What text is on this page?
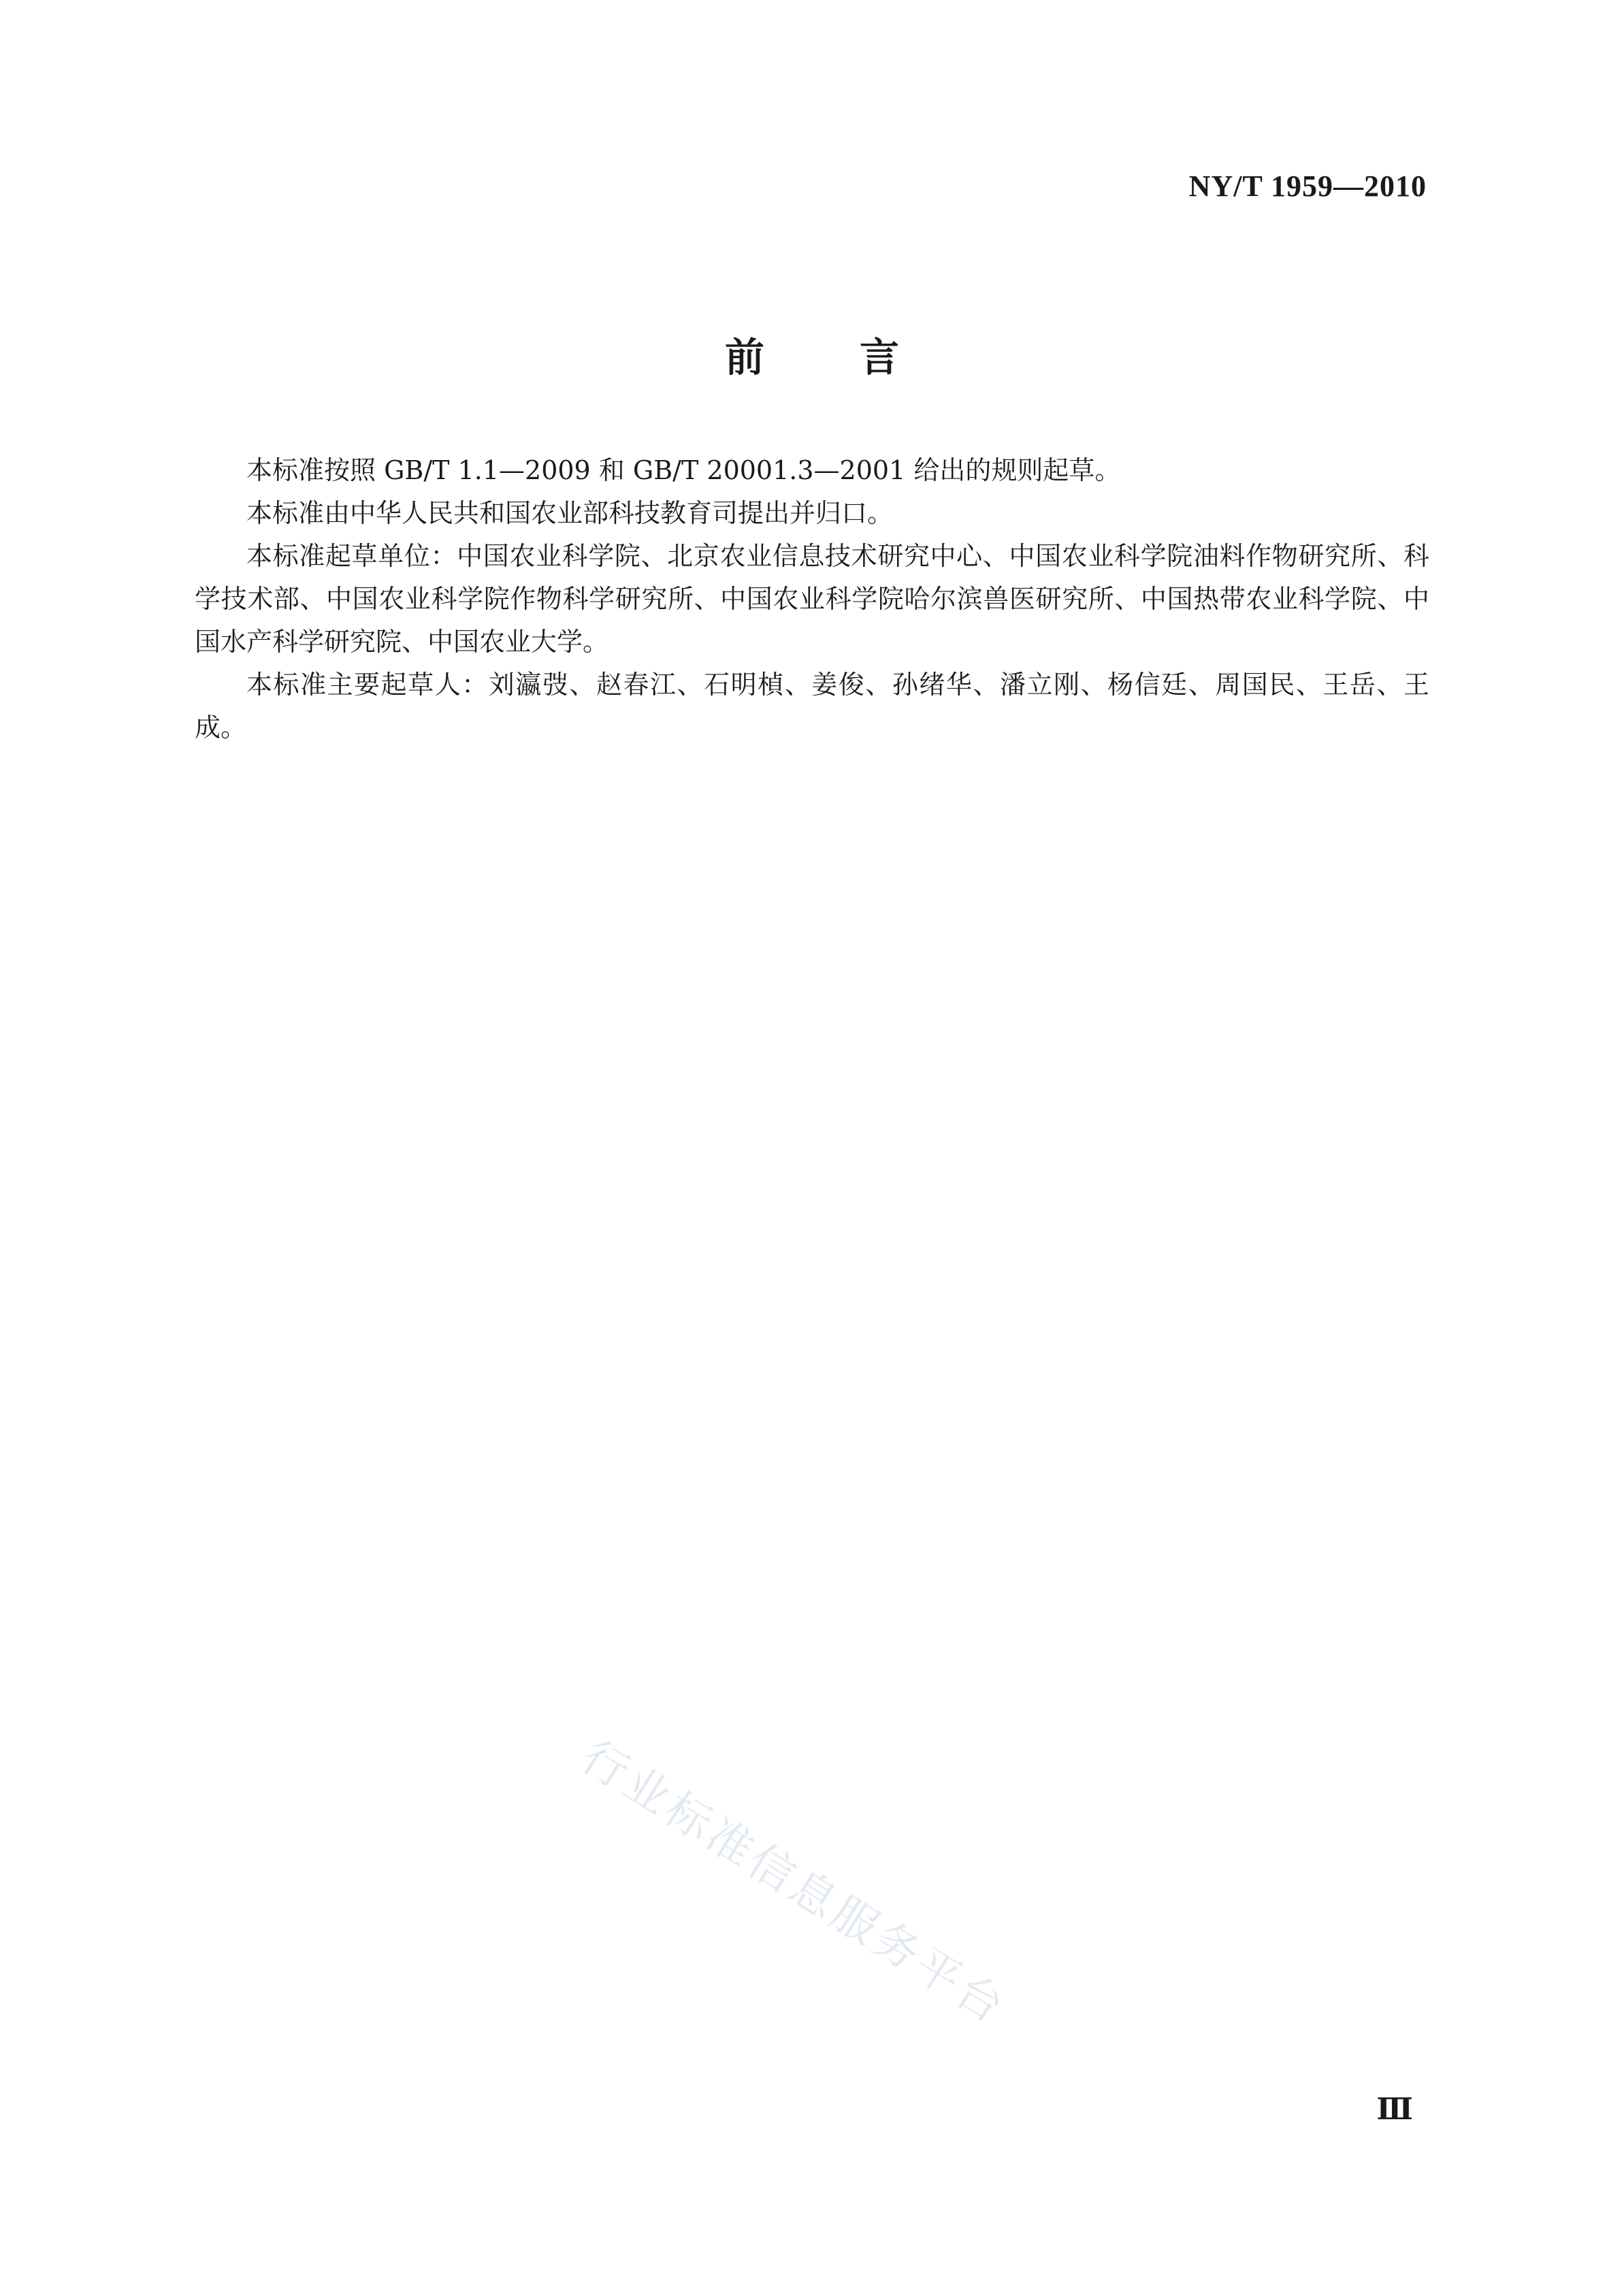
NY/T 1959—2010
前言

本标准按照 GB/T 1.1—2009 和 GB/T 20001.3—2001 给出的规则起草。

本标准由中华人民共和国农业部科技教育司提出并归口。

本标准起草单位：中国农业科学院、北京农业信息技术研究中心、中国农业科学院油料作物研究所、科学技术部、中国农业科学院作物科学研究所、中国农业科学院哈尔滨兽医研究所、中国热带农业科学院、中国水产科学研究院、中国农业大学。

本标准主要起草人：刘瀛弢、赵春江、石明楨、姜俊、孙绪华、潘立刚、杨信廷、周国民、王岳、王成。

行业标准信息服务平台
Ⅲ
